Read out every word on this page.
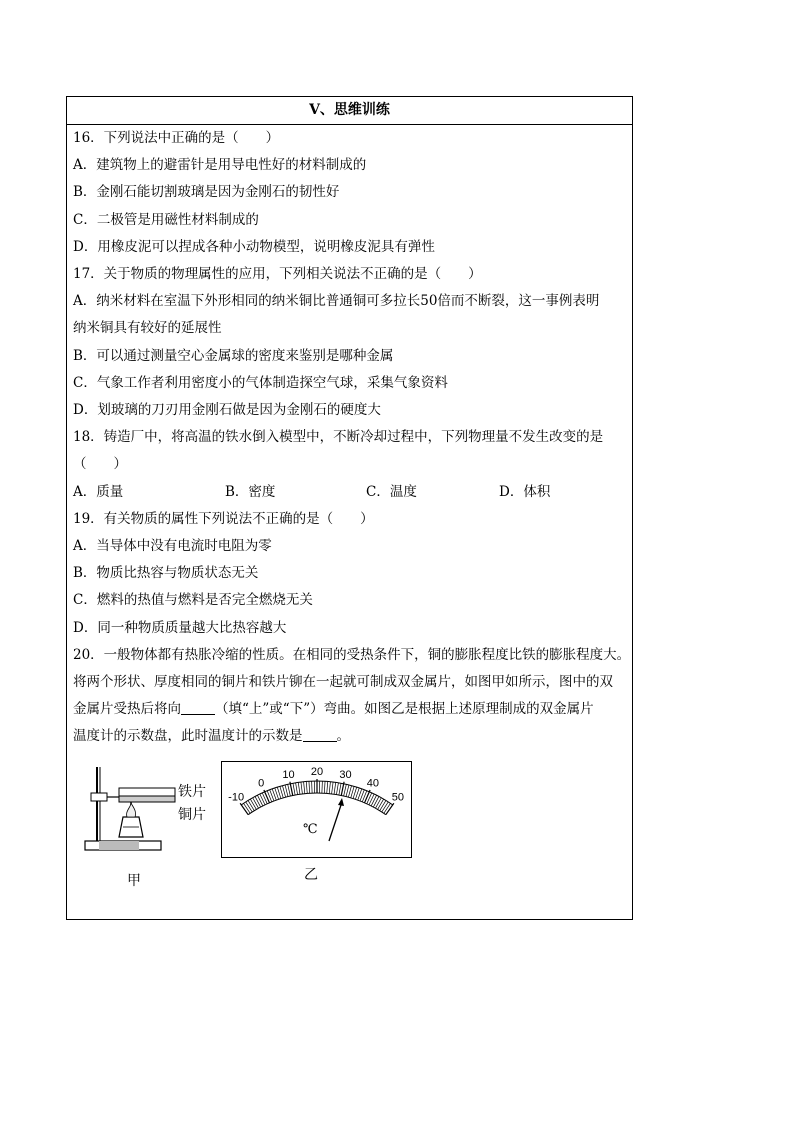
Ⅴ、思维训练
16．下列说法中正确的是（　　）
A．建筑物上的避雷针是用导电性好的材料制成的
B．金刚石能切割玻璃是因为金刚石的韧性好
C．二极管是用磁性材料制成的
D．用橡皮泥可以捏成各种小动物模型，说明橡皮泥具有弹性
17．关于物质的物理属性的应用，下列相关说法不正确的是（　　）
A．纳米材料在室温下外形相同的纳米铜比普通铜可多拉长50倍而不断裂，这一事例表明
纳米铜具有较好的延展性
B．可以通过测量空心金属球的密度来鉴别是哪种金属
C．气象工作者利用密度小的气体制造探空气球，采集气象资料
D．划玻璃的刀刃用金刚石做是因为金刚石的硬度大
18．铸造厂中，将高温的铁水倒入模型中，不断冷却过程中，下列物理量不发生改变的是
（　　）
A．质量	B．密度	C．温度	D．体积
19．有关物质的属性下列说法不正确的是（　　）
A．当导体中没有电流时电阻为零
B．物质比热容与物质状态无关
C．燃料的热值与燃料是否完全燃烧无关
D．同一种物质质量越大比热容越大
20．一般物体都有热胀冷缩的性质。在相同的受热条件下，铜的膨胀程度比铁的膨胀程度大。
将两个形状、厚度相同的铜片和铁片铆在一起就可制成双金属片，如图甲如所示，图中的双
金属片受热后将向	（填“上”或“下”）弯曲。如图乙是根据上述原理制成的双金属片
温度计的示数盘，此时温度计的示数是	。
铁片
铜片
甲
-10
0
10 20 30
40
50
℃
乙
